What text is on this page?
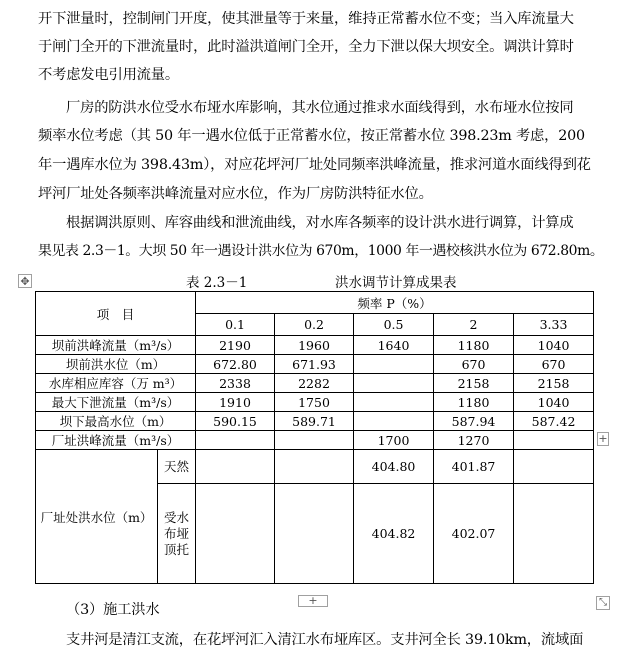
开下泄量时，控制闸门开度，使其泄量等于来量，维持正常蓄水位不变；当入库流量大
于闸门全开的下泄流量时，此时溢洪道闸门全开，全力下泄以保大坝安全。调洪计算时
不考虑发电引用流量。
厂房的防洪水位受水布垭水库影响，其水位通过推求水面线得到，水布垭水位按同
频率水位考虑（其 50 年一遇水位低于正常蓄水位，按正常蓄水位 398.23m 考虑，200
年一遇库水位为 398.43m），对应花坪河厂址处同频率洪峰流量，推求河道水面线得到花
坪河厂址处各频率洪峰流量对应水位，作为厂房防洪特征水位。
根据调洪原则、库容曲线和泄流曲线，对水库各频率的设计洪水进行调算，计算成
果见表 2.3－1。大坝 50 年一遇设计洪水位为 670m，1000 年一遇校核洪水位为 672.80m。
✥	表 2.3－1	洪水调节计算成果表
项　目		频率 P（%）				
		0.1	0.2	0.5	2	3.33
坝前洪峰流量（m³/s）		2190	1960	1640	1180	1040
坝前洪水位（m）		672.80	671.93		670	670
水库相应库容（万 m³）		2338	2282		2158	2158
最大下泄流量（m³/s）		1910	1750		1180	1040
坝下最高水位（m）		590.15	589.71		587.94	587.42
厂址洪峰流量（m³/s）				1700	1270	
厂址处洪水位（m）	天然			404.80	401.87	
	受水布垭顶托			404.82	402.07	
+
+	⤡
（3）施工洪水
支井河是清江支流，在花坪河汇入清江水布垭库区。支井河全长 39.10km，流域面
